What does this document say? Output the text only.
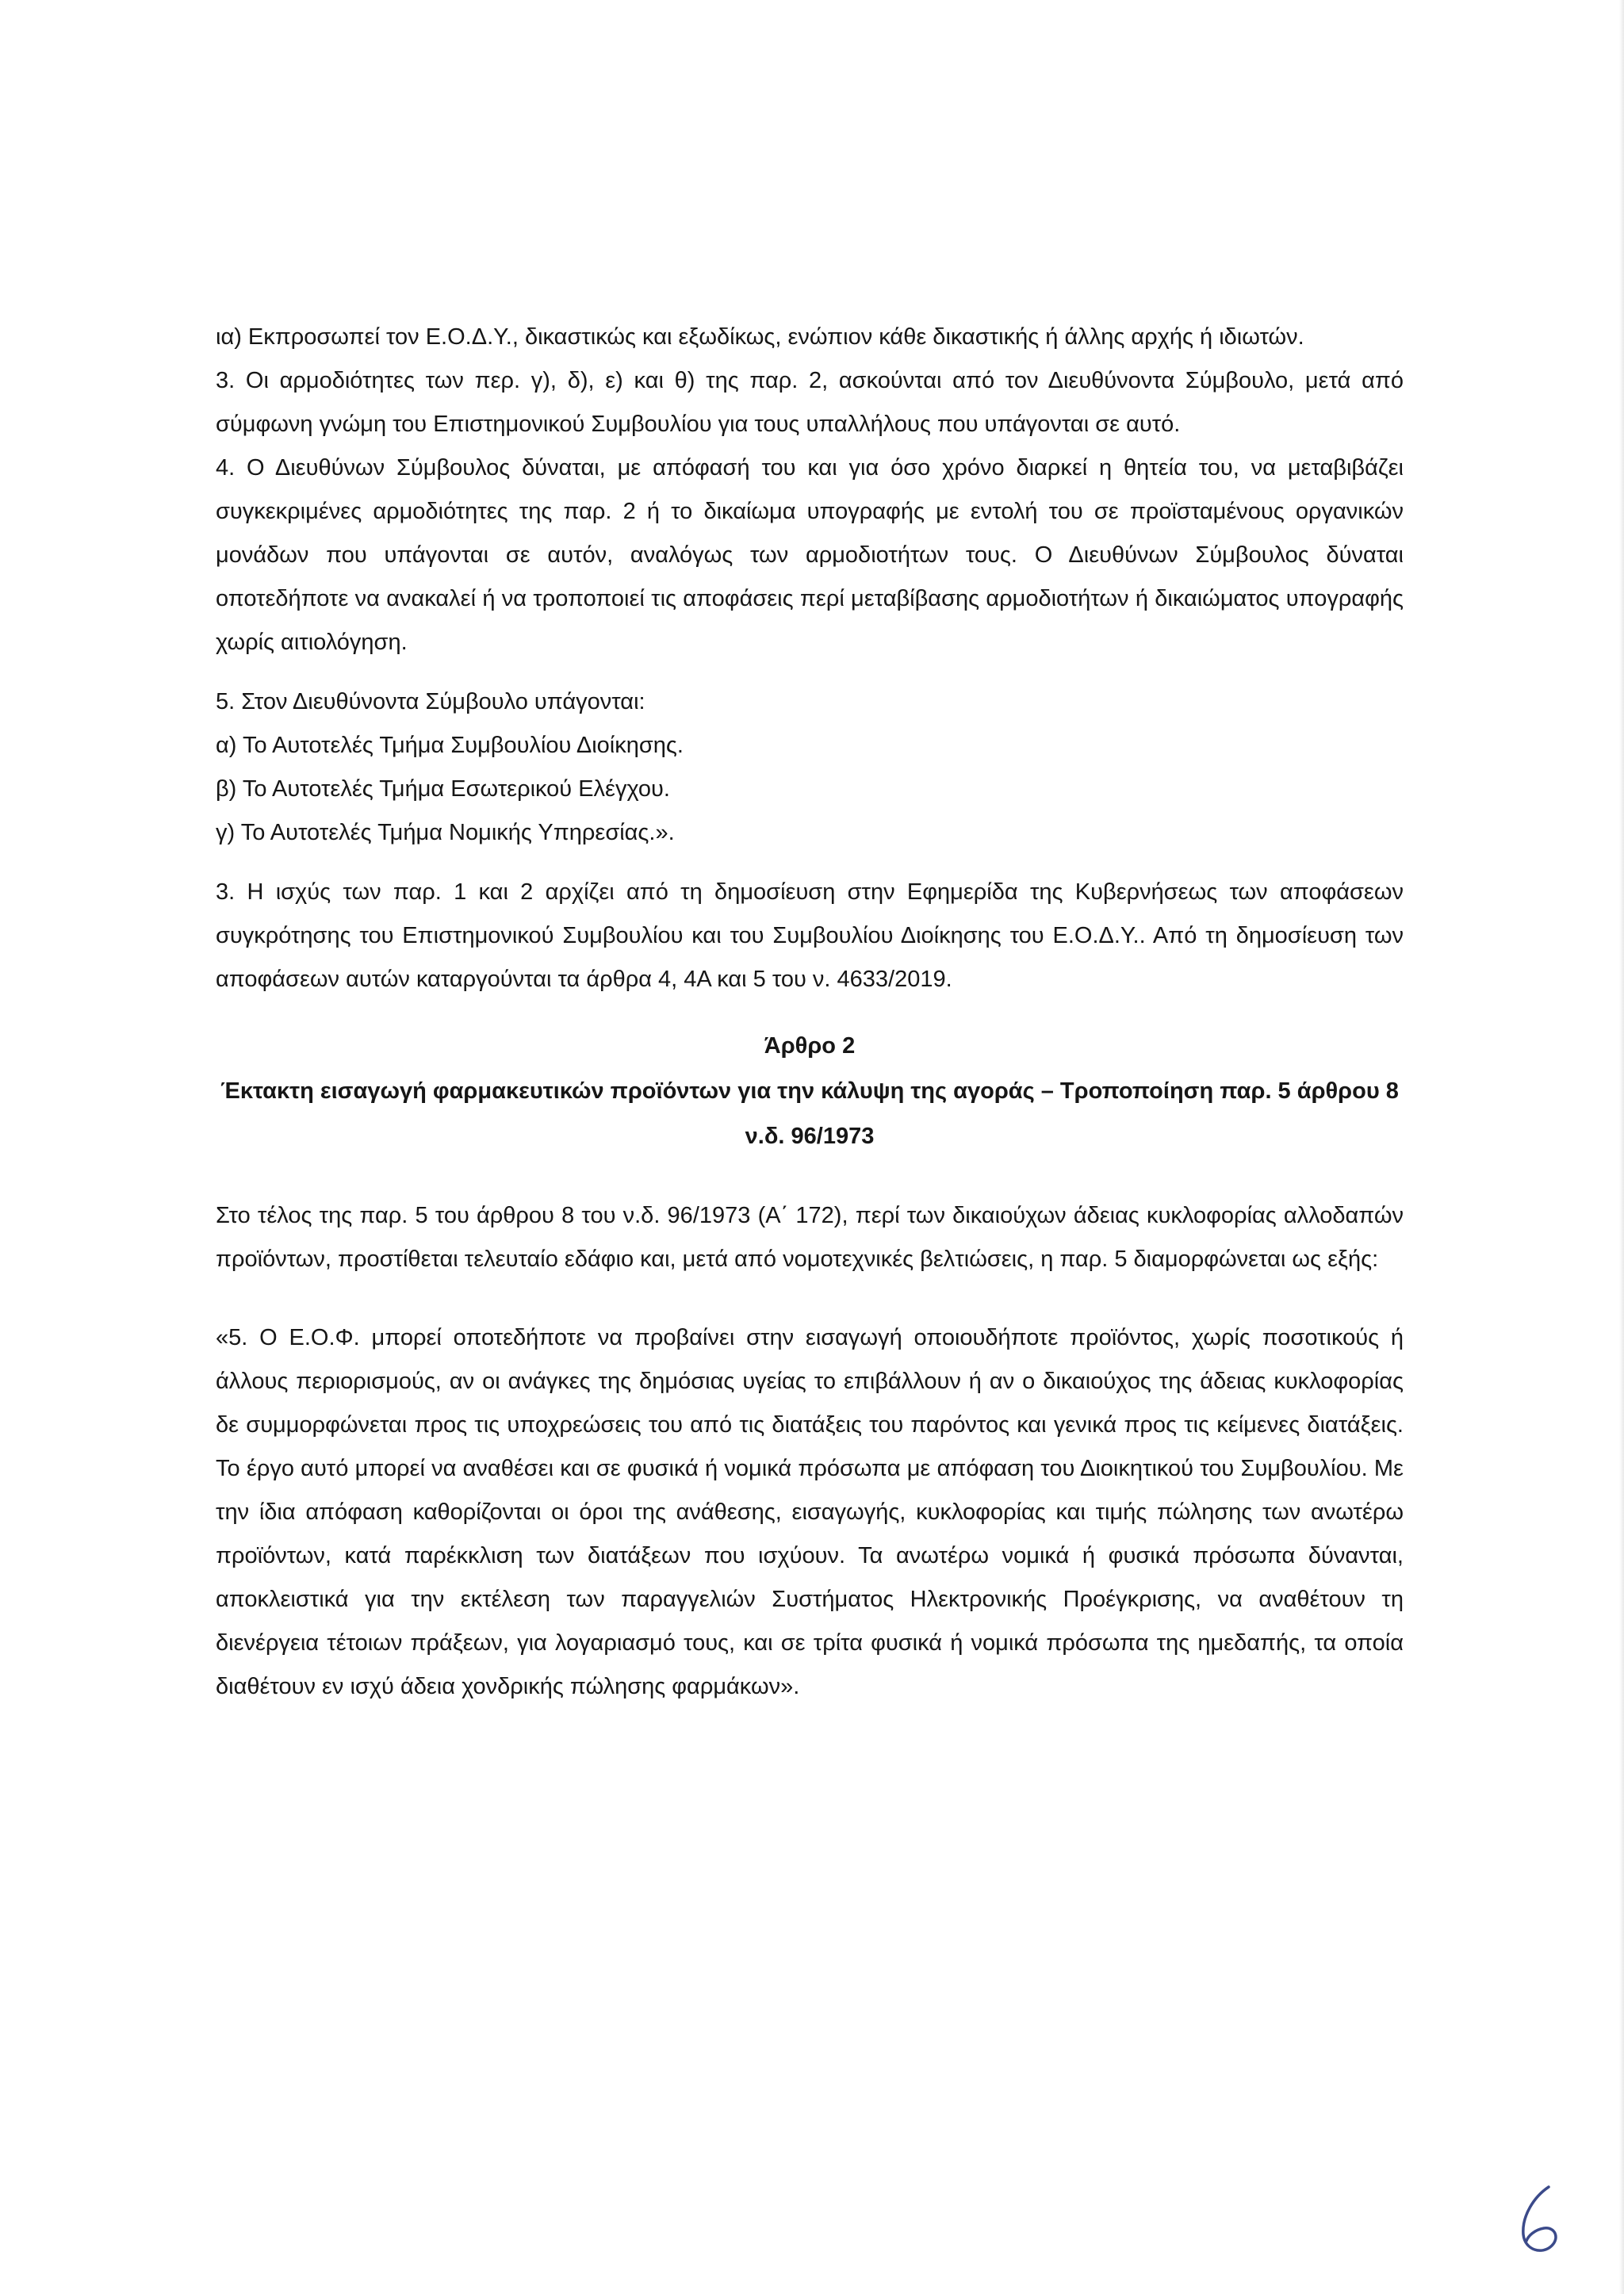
ια) Εκπροσωπεί τον Ε.Ο.Δ.Υ., δικαστικώς και εξωδίκως, ενώπιον κάθε δικαστικής ή άλλης αρχής ή ιδιωτών.

3. Οι αρμοδιότητες των περ. γ), δ), ε) και θ) της παρ. 2, ασκούνται από τον Διευθύνοντα Σύμβουλο, μετά από σύμφωνη γνώμη του Επιστημονικού Συμβουλίου για τους υπαλλήλους που υπάγονται σε αυτό.

4. Ο Διευθύνων Σύμβουλος δύναται, με απόφασή του και για όσο χρόνο διαρκεί η θητεία του, να μεταβιβάζει συγκεκριμένες αρμοδιότητες της παρ. 2 ή το δικαίωμα υπογραφής με εντολή του σε προϊσταμένους οργανικών μονάδων που υπάγονται σε αυτόν, αναλόγως των αρμοδιοτήτων τους. Ο Διευθύνων Σύμβουλος δύναται οποτεδήποτε να ανακαλεί ή να τροποποιεί τις αποφάσεις περί μεταβίβασης αρμοδιοτήτων ή δικαιώματος υπογραφής χωρίς αιτιολόγηση.

5. Στον Διευθύνοντα Σύμβουλο υπάγονται:

α) Το Αυτοτελές Τμήμα Συμβουλίου Διοίκησης.

β) Το Αυτοτελές Τμήμα Εσωτερικού Ελέγχου.

γ) Το Αυτοτελές Τμήμα Νομικής Υπηρεσίας.».

3. Η ισχύς των παρ. 1 και 2 αρχίζει από τη δημοσίευση στην Εφημερίδα της Κυβερνήσεως των αποφάσεων συγκρότησης του Επιστημονικού Συμβουλίου και του Συμβουλίου Διοίκησης του Ε.Ο.Δ.Υ.. Από τη δημοσίευση των αποφάσεων αυτών καταργούνται τα άρθρα 4, 4Α και 5 του ν. 4633/2019.

Άρθρο 2

Έκτακτη εισαγωγή φαρμακευτικών προϊόντων για την κάλυψη της αγοράς – Τροποποίηση παρ. 5 άρθρου 8 ν.δ. 96/1973

Στο τέλος της παρ. 5 του άρθρου 8 του ν.δ. 96/1973 (Α΄ 172), περί των δικαιούχων άδειας κυκλοφορίας αλλοδαπών προϊόντων, προστίθεται τελευταίο εδάφιο και, μετά από νομοτεχνικές βελτιώσεις, η παρ. 5 διαμορφώνεται ως εξής:

«5. Ο Ε.Ο.Φ. μπορεί οποτεδήποτε να προβαίνει στην εισαγωγή οποιουδήποτε προϊόντος, χωρίς ποσοτικούς ή άλλους περιορισμούς, αν οι ανάγκες της δημόσιας υγείας το επιβάλλουν ή αν ο δικαιούχος της άδειας κυκλοφορίας δε συμμορφώνεται προς τις υποχρεώσεις του από τις διατάξεις του παρόντος και γενικά προς τις κείμενες διατάξεις. Το έργο αυτό μπορεί να αναθέσει και σε φυσικά ή νομικά πρόσωπα με απόφαση του Διοικητικού του Συμβουλίου. Με την ίδια απόφαση καθορίζονται οι όροι της ανάθεσης, εισαγωγής, κυκλοφορίας και τιμής πώλησης των ανωτέρω προϊόντων, κατά παρέκκλιση των διατάξεων που ισχύουν. Τα ανωτέρω νομικά ή φυσικά πρόσωπα δύνανται, αποκλειστικά για την εκτέλεση των παραγγελιών Συστήματος Ηλεκτρονικής Προέγκρισης, να αναθέτουν τη διενέργεια τέτοιων πράξεων, για λογαριασμό τους, και σε τρίτα φυσικά ή νομικά πρόσωπα της ημεδαπής, τα οποία διαθέτουν εν ισχύ άδεια χονδρικής πώλησης φαρμάκων».
